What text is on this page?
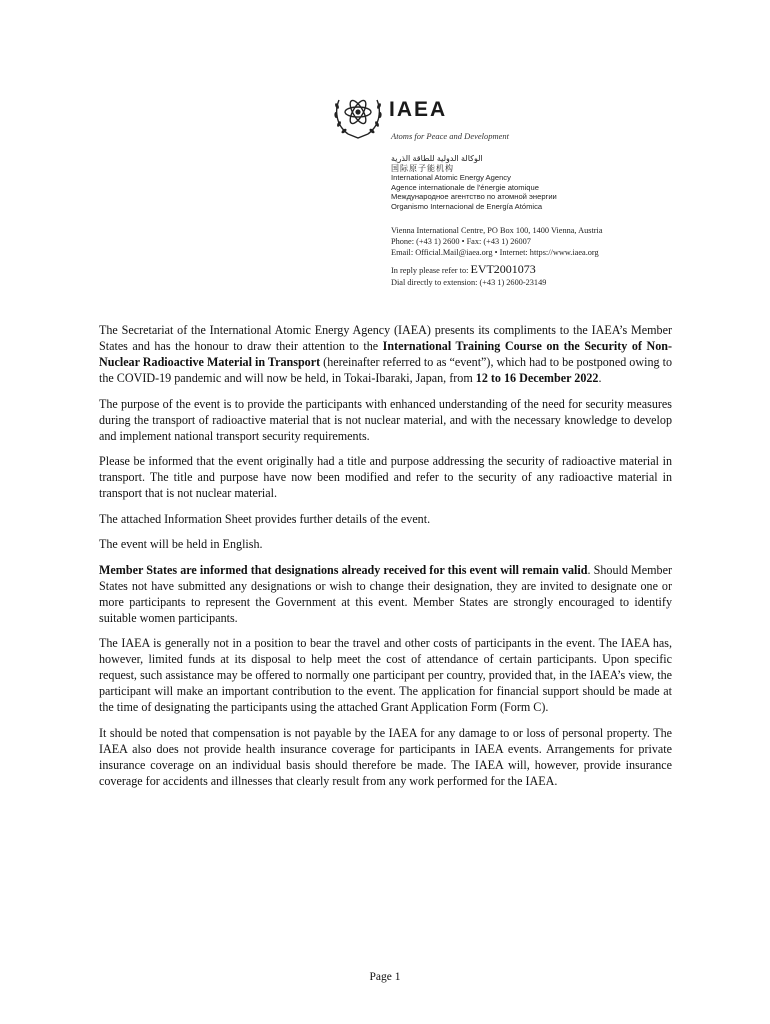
IAEA
Atoms for Peace and Development
الوكالة الدولية للطاقة الذرية
国际原子能机构
International Atomic Energy Agency
Agence internationale de l'énergie atomique
Международное агентство по атомной энергии
Organismo Internacional de Energía Atómica
Vienna International Centre, PO Box 100, 1400 Vienna, Austria
Phone: (+43 1) 2600 • Fax: (+43 1) 26007
Email: Official.Mail@iaea.org • Internet: https://www.iaea.org
In reply please refer to: EVT2001073
Dial directly to extension: (+43 1) 2600-23149

The Secretariat of the International Atomic Energy Agency (IAEA) presents its compliments to the IAEA’s Member States and has the honour to draw their attention to the International Training Course on the Security of Non-Nuclear Radioactive Material in Transport (hereinafter referred to as “event”), which had to be postponed owing to the COVID-19 pandemic and will now be held, in Tokai-Ibaraki, Japan, from 12 to 16 December 2022.

The purpose of the event is to provide the participants with enhanced understanding of the need for security measures during the transport of radioactive material that is not nuclear material, and with the necessary knowledge to develop and implement national transport security requirements.

Please be informed that the event originally had a title and purpose addressing the security of radioactive material in transport. The title and purpose have now been modified and refer to the security of any radioactive material in transport that is not nuclear material.

The attached Information Sheet provides further details of the event.

The event will be held in English.

Member States are informed that designations already received for this event will remain valid. Should Member States not have submitted any designations or wish to change their designation, they are invited to designate one or more participants to represent the Government at this event. Member States are strongly encouraged to identify suitable women participants.

The IAEA is generally not in a position to bear the travel and other costs of participants in the event. The IAEA has, however, limited funds at its disposal to help meet the cost of attendance of certain participants. Upon specific request, such assistance may be offered to normally one participant per country, provided that, in the IAEA’s view, the participant will make an important contribution to the event. The application for financial support should be made at the time of designating the participants using the attached Grant Application Form (Form C).

It should be noted that compensation is not payable by the IAEA for any damage to or loss of personal property. The IAEA also does not provide health insurance coverage for participants in IAEA events. Arrangements for private insurance coverage on an individual basis should therefore be made. The IAEA will, however, provide insurance coverage for accidents and illnesses that clearly result from any work performed for the IAEA.

Page 1
